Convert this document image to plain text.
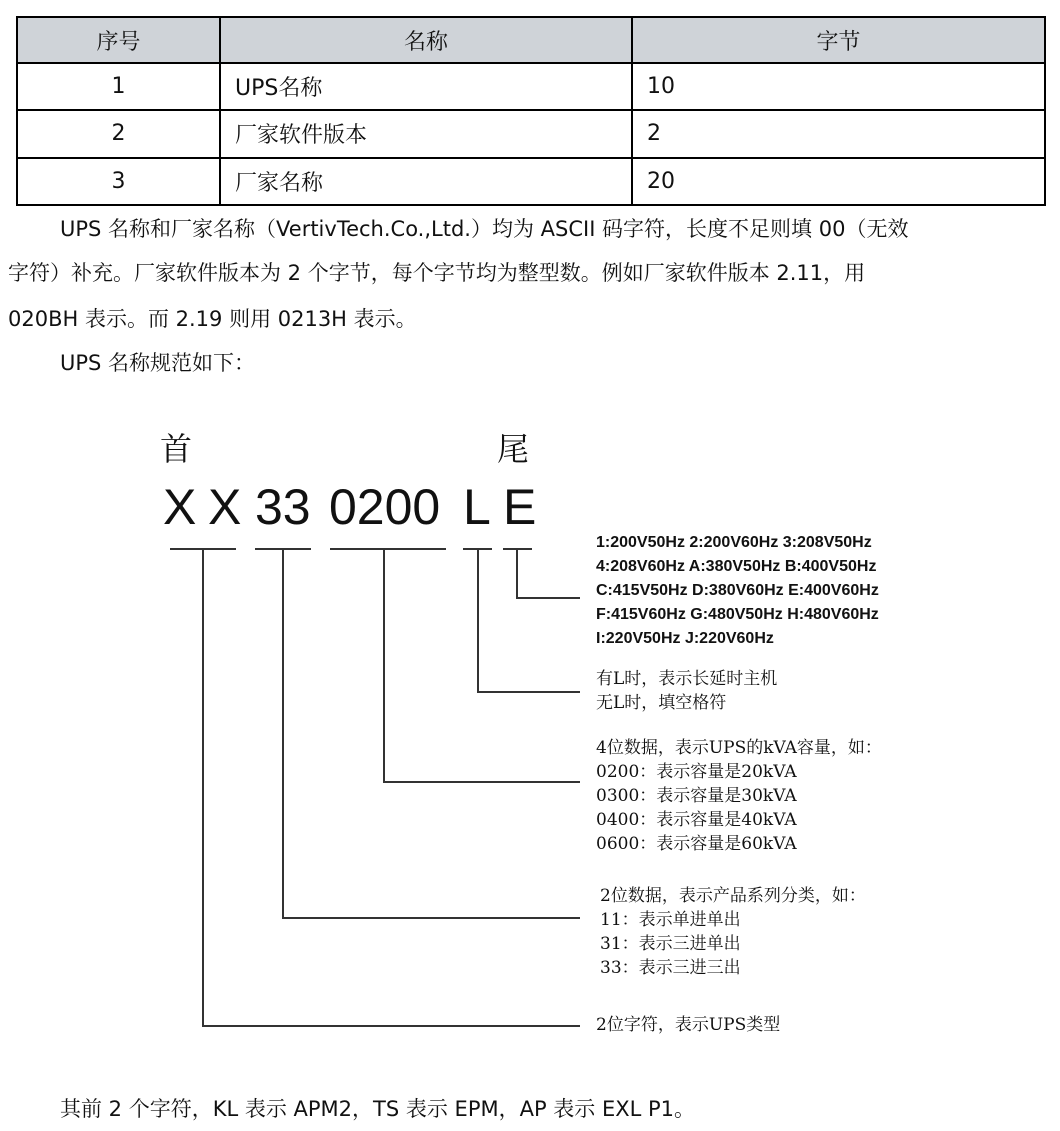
序号	名称	字节
1	UPS名称	10
2	厂家软件版本	2
3	厂家名称	20
UPS 名称和厂家名称（VertivTech.Co.,Ltd.）均为 ASCII 码字符，长度不足则填 00（无效
字符）补充。厂家软件版本为 2 个字节，每个字节均为整型数。例如厂家软件版本 2.11，用
020BH 表示。而 2.19 则用 0213H 表示。
UPS 名称规范如下：
首	尾

X

X

33

0200

L

E

1:200V50Hz 2:200V60Hz 3:208V50Hz
4:208V60Hz A:380V50Hz B:400V50Hz
C:415V50Hz D:380V60Hz E:400V60Hz
F:415V60Hz G:480V50Hz H:480V60Hz
I:220V50Hz J:220V60Hz
有L时，表示长延时主机
无L时，填空格符
4位数据，表示UPS的kVA容量，如：
0200：表示容量是20kVA
0300：表示容量是30kVA
0400：表示容量是40kVA
0600：表示容量是60kVA
2位数据，表示产品系列分类，如：
11：表示单进单出
31：表示三进单出
33：表示三进三出
2位字符，表示UPS类型
其前 2 个字符，KL 表示 APM2，TS 表示 EPM，AP 表示 EXL P1。
